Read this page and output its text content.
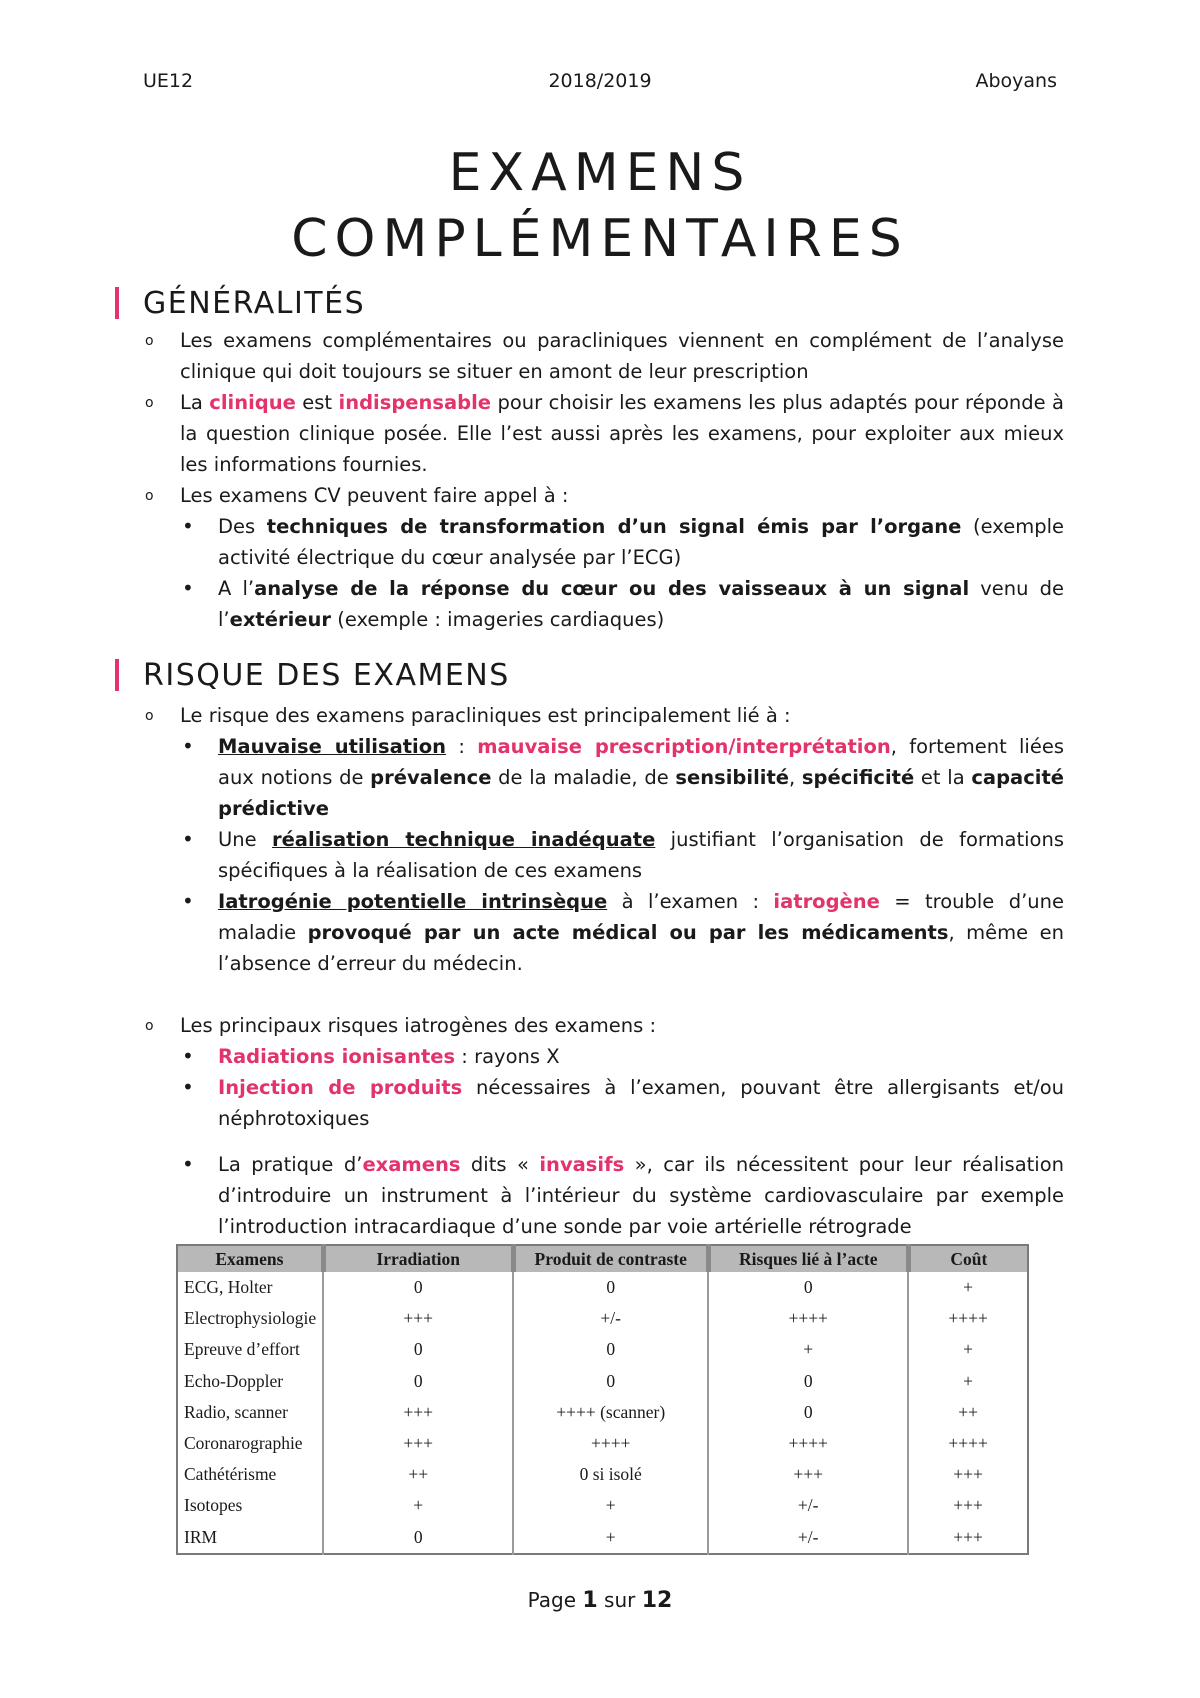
UE12	2018/2019	Aboyans
EXAMENS
COMPLÉMENTAIRES
GÉNÉRALITÉS
o Les examens complémentaires ou paracliniques viennent en complément de l’analyse clinique qui doit toujours se situer en amont de leur prescription
o La clinique est indispensable pour choisir les examens les plus adaptés pour réponde à la question clinique posée. Elle l’est aussi après les examens, pour exploiter aux mieux les informations fournies.
o Les examens CV peuvent faire appel à :
• Des techniques de transformation d’un signal émis par l’organe (exemple activité électrique du cœur analysée par l’ECG)
• A l’analyse de la réponse du cœur ou des vaisseaux à un signal venu de l’extérieur (exemple : imageries cardiaques)
RISQUE DES EXAMENS
o Le risque des examens paracliniques est principalement lié à :
• Mauvaise utilisation : mauvaise prescription/interprétation, fortement liées aux notions de prévalence de la maladie, de sensibilité, spécificité et la capacité prédictive
• Une réalisation technique inadéquate justifiant l’organisation de formations spécifiques à la réalisation de ces examens
• Iatrogénie potentielle intrinsèque à l’examen : iatrogène = trouble d’une maladie provoqué par un acte médical ou par les médicaments, même en l’absence d’erreur du médecin.
o Les principaux risques iatrogènes des examens :
• Radiations ionisantes : rayons X
• Injection de produits nécessaires à l’examen, pouvant être allergisants et/ou néphrotoxiques
• La pratique d’examens dits « invasifs », car ils nécessitent pour leur réalisation d’introduire un instrument à l’intérieur du système cardiovasculaire par exemple l’introduction intracardiaque d’une sonde par voie artérielle rétrograde
Examens	Irradiation	Produit de contraste	Risques lié à l’acte	Coût
ECG, Holter	0	0	0	+
Electrophysiologie	+++	+/-	++++	++++
Epreuve d’effort	0	0	+	+
Echo-Doppler	0	0	0	+
Radio, scanner	+++	++++ (scanner)	0	++
Coronarographie	+++	++++	++++	++++
Cathétérisme	++	0 si isolé	+++	+++
Isotopes	+	+	+/-	+++
IRM	0	+	+/-	+++
Page 1 sur 12
